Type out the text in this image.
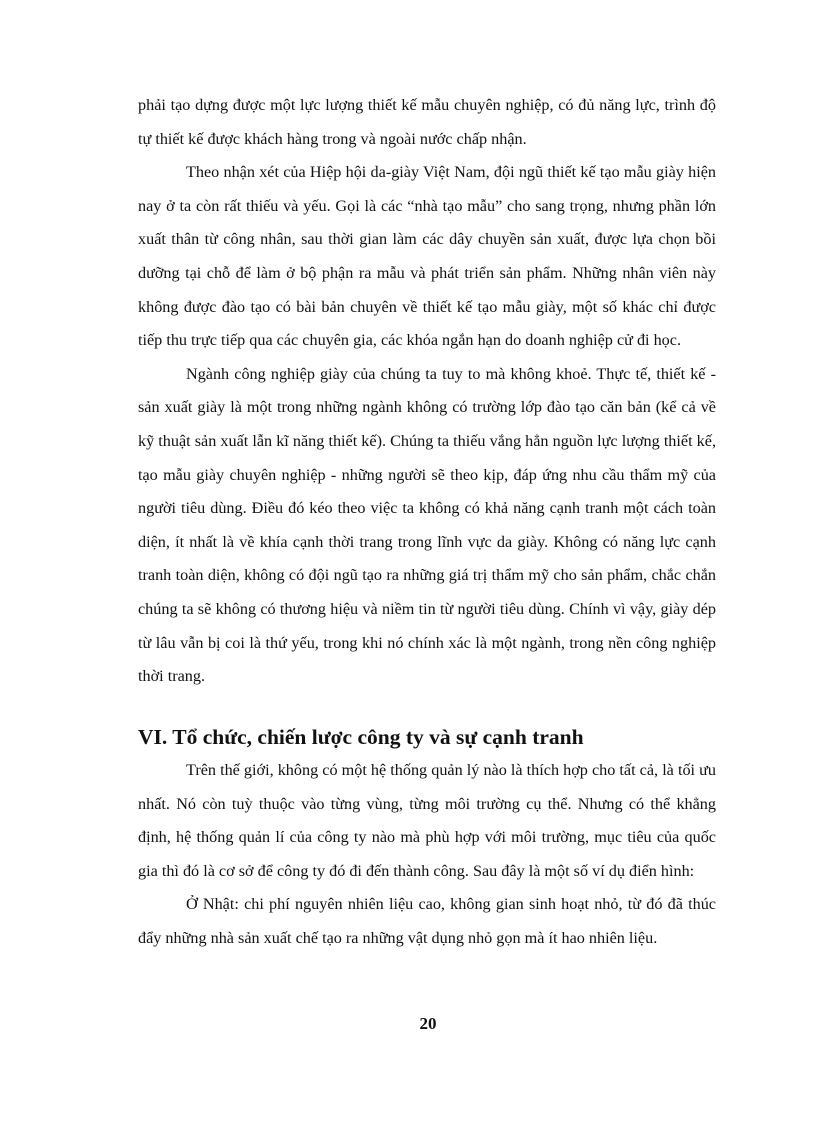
phải tạo dựng được một lực lượng thiết kế mẫu chuyên nghiệp, có đủ năng lực, trình độ tự thiết kế được khách hàng trong và ngoài nước chấp nhận.

Theo nhận xét của Hiệp hội da-giày Việt Nam, đội ngũ thiết kế tạo mẫu giày hiện nay ở ta còn rất thiếu và yếu. Gọi là các “nhà tạo mẫu” cho sang trọng, nhưng phần lớn xuất thân từ công nhân, sau thời gian làm các dây chuyền sản xuất, được lựa chọn bồi dưỡng tại chỗ để làm ở bộ phận ra mẫu và phát triển sản phẩm. Những nhân viên này không được đào tạo có bài bản chuyên về thiết kế tạo mẫu giày, một số khác chỉ được tiếp thu trực tiếp qua các chuyên gia, các khóa ngắn hạn do doanh nghiệp cử đi học.

Ngành công nghiệp giày của chúng ta tuy to mà không khoẻ. Thực tế, thiết kế - sản xuất giày là một trong những ngành không có trường lớp đào tạo căn bản (kể cả về kỹ thuật sản xuất lẫn kĩ năng thiết kế). Chúng ta thiếu vắng hẳn nguồn lực lượng thiết kế, tạo mẫu giày chuyên nghiệp - những người sẽ theo kịp, đáp ứng nhu cầu thẩm mỹ của người tiêu dùng. Điều đó kéo theo việc ta không có khả năng cạnh tranh một cách toàn diện, ít nhất là về khía cạnh thời trang trong lĩnh vực da giày. Không có năng lực cạnh tranh toàn diện, không có đội ngũ tạo ra những giá trị thẩm mỹ cho sản phẩm, chắc chắn chúng ta sẽ không có thương hiệu và niềm tin từ người tiêu dùng. Chính vì vậy, giày dép từ lâu vẫn bị coi là thứ yếu, trong khi nó chính xác là một ngành, trong nền công nghiệp thời trang.

VI. Tổ chức, chiến lược công ty và sự cạnh tranh

Trên thế giới, không có một hệ thống quản lý nào là thích hợp cho tất cả, là tối ưu nhất. Nó còn tuỳ thuộc vào từng vùng, từng môi trường cụ thể. Nhưng có thể khẳng định, hệ thống quản lí của công ty nào mà phù hợp với môi trường, mục tiêu của quốc gia thì đó là cơ sở để công ty đó đi đến thành công. Sau đây là một số ví dụ điển hình:

Ở Nhật: chi phí nguyên nhiên liệu cao, không gian sinh hoạt nhỏ, từ đó đã thúc đẩy những nhà sản xuất chế tạo ra những vật dụng nhỏ gọn mà ít hao nhiên liệu.

20
